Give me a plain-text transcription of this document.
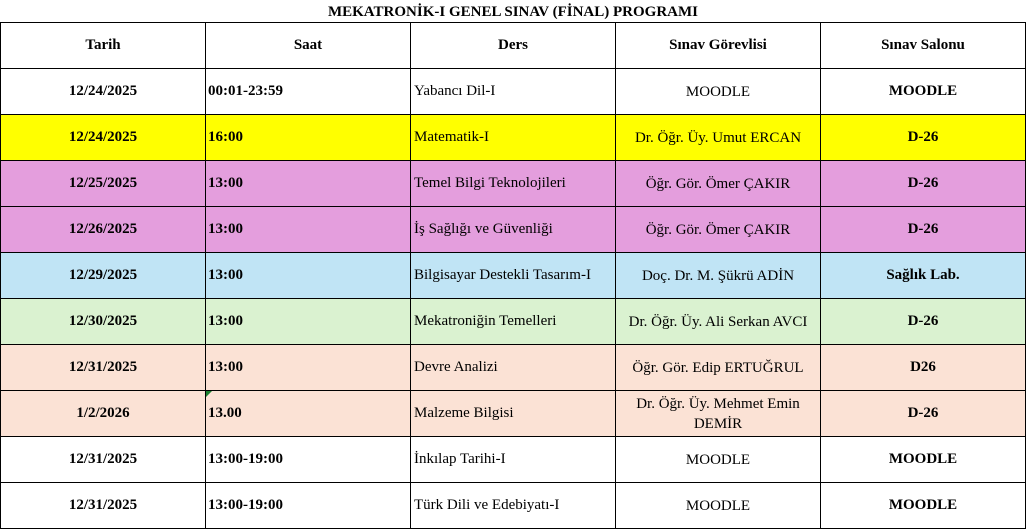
MEKATRONİK-I GENEL SINAV (FİNAL) PROGRAMI
Tarih	Saat	Ders	Sınav Görevlisi	Sınav Salonu
12/24/2025	00:01-23:59	Yabancı Dil-I	MOODLE	MOODLE
12/24/2025	16:00	Matematik-I	Dr. Öğr. Üy. Umut ERCAN	D-26
12/25/2025	13:00	Temel Bilgi Teknolojileri	Öğr. Gör. Ömer ÇAKIR	D-26
12/26/2025	13:00	İş Sağlığı ve Güvenliği	Öğr. Gör. Ömer ÇAKIR	D-26
12/29/2025	13:00	Bilgisayar Destekli Tasarım-I	Doç. Dr. M. Şükrü ADİN	Sağlık Lab.
12/30/2025	13:00	Mekatroniğin Temelleri	Dr. Öğr. Üy. Ali Serkan AVCI	D-26
12/31/2025	13:00	Devre Analizi	Öğr. Gör. Edip ERTUĞRUL	D26
1/2/2026	13.00	Malzeme Bilgisi	Dr. Öğr. Üy. Mehmet Emin DEMİR	D-26
12/31/2025	13:00-19:00	İnkılap Tarihi-I	MOODLE	MOODLE
12/31/2025	13:00-19:00	Türk Dili ve Edebiyatı-I	MOODLE	MOODLE
